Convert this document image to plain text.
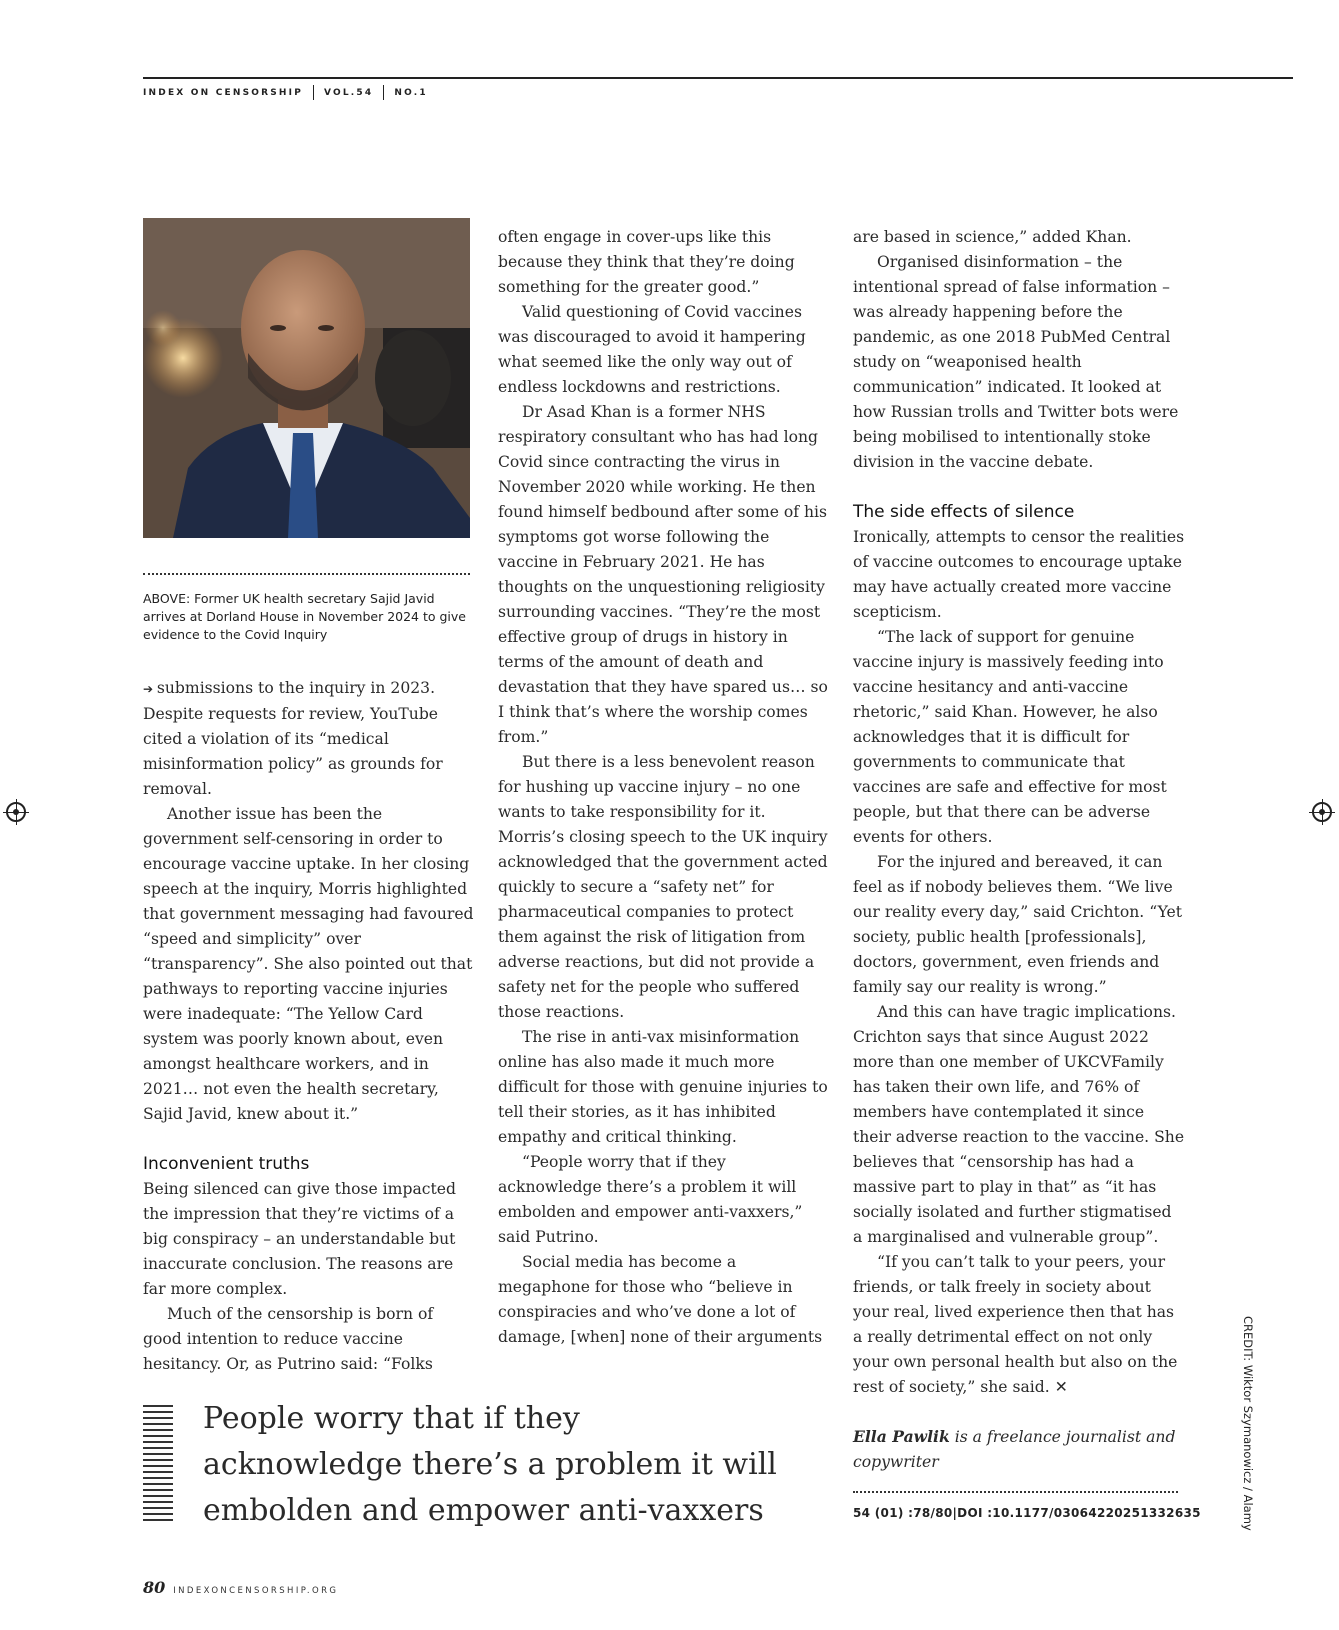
INDEX ON CENSORSHIP VOL.54 NO.1
ABOVE: Former UK health secretary Sajid Javid arrives at Dorland House in November 2024 to give evidence to the Covid Inquiry

➔ submissions to the inquiry in 2023. Despite requests for review, YouTube cited a violation of its “medical misinformation policy” as grounds for removal.

Another issue has been the government self-censoring in order to encourage vaccine uptake. In her closing speech at the inquiry, Morris highlighted that government messaging had favoured “speed and simplicity” over “transparency”. She also pointed out that pathways to reporting vaccine injuries were inadequate: “The Yellow Card system was poorly known about, even amongst healthcare workers, and in 2021… not even the health secretary, Sajid Javid, knew about it.”

Inconvenient truths

Being silenced can give those impacted the impression that they’re victims of a big conspiracy – an understandable but inaccurate conclusion. The reasons are far more complex.

Much of the censorship is born of good intention to reduce vaccine hesitancy. Or, as Putrino said: “Folks

often engage in cover-ups like this because they think that they’re doing something for the greater good.”

Valid questioning of Covid vaccines was discouraged to avoid it hampering what seemed like the only way out of endless lockdowns and restrictions.

Dr Asad Khan is a former NHS respiratory consultant who has had long Covid since contracting the virus in November 2020 while working. He then found himself bedbound after some of his symptoms got worse following the vaccine in February 2021. He has thoughts on the unquestioning religiosity surrounding vaccines. “They’re the most effective group of drugs in history in terms of the amount of death and devastation that they have spared us… so I think that’s where the worship comes from.”

But there is a less benevolent reason for hushing up vaccine injury – no one wants to take responsibility for it. Morris’s closing speech to the UK inquiry acknowledged that the government acted quickly to secure a “safety net” for pharmaceutical companies to protect them against the risk of litigation from adverse reactions, but did not provide a safety net for the people who suffered those reactions.

The rise in anti-vax misinformation online has also made it much more difficult for those with genuine injuries to tell their stories, as it has inhibited empathy and critical thinking.

“People worry that if they acknowledge there’s a problem it will embolden and empower anti-vaxxers,” said Putrino.

Social media has become a megaphone for those who “believe in conspiracies and who’ve done a lot of damage, [when] none of their arguments

are based in science,” added Khan.

Organised disinformation – the intentional spread of false information – was already happening before the pandemic, as one 2018 PubMed Central study on “weaponised health communication” indicated. It looked at how Russian trolls and Twitter bots were being mobilised to intentionally stoke division in the vaccine debate.

The side effects of silence

Ironically, attempts to censor the realities of vaccine outcomes to encourage uptake may have actually created more vaccine scepticism.

“The lack of support for genuine vaccine injury is massively feeding into vaccine hesitancy and anti-vaccine rhetoric,” said Khan. However, he also acknowledges that it is difficult for governments to communicate that vaccines are safe and effective for most people, but that there can be adverse events for others.

For the injured and bereaved, it can feel as if nobody believes them. “We live our reality every day,” said Crichton. “Yet society, public health [professionals], doctors, government, even friends and family say our reality is wrong.”

And this can have tragic implications. Crichton says that since August 2022 more than one member of UKCVFamily has taken their own life, and 76% of members have contemplated it since their adverse reaction to the vaccine. She believes that “censorship has had a massive part to play in that” as “it has socially isolated and further stigmatised a marginalised and vulnerable group”.

“If you can’t talk to your peers, your friends, or talk freely in society about your real, lived experience then that has a really detrimental effect on not only your own personal health but also on the rest of society,” she said. ✕

People worry that if they acknowledge there’s a problem it will embolden and empower anti-vaxxers
Ella Pawlik is a freelance journalist and copywriter
54 (01) :78/80|DOI :10.1177/03064220251332635	CREDIT: Wiktor Szymanowicz / Alamy
80 INDEXONCENSORSHIP.ORG
